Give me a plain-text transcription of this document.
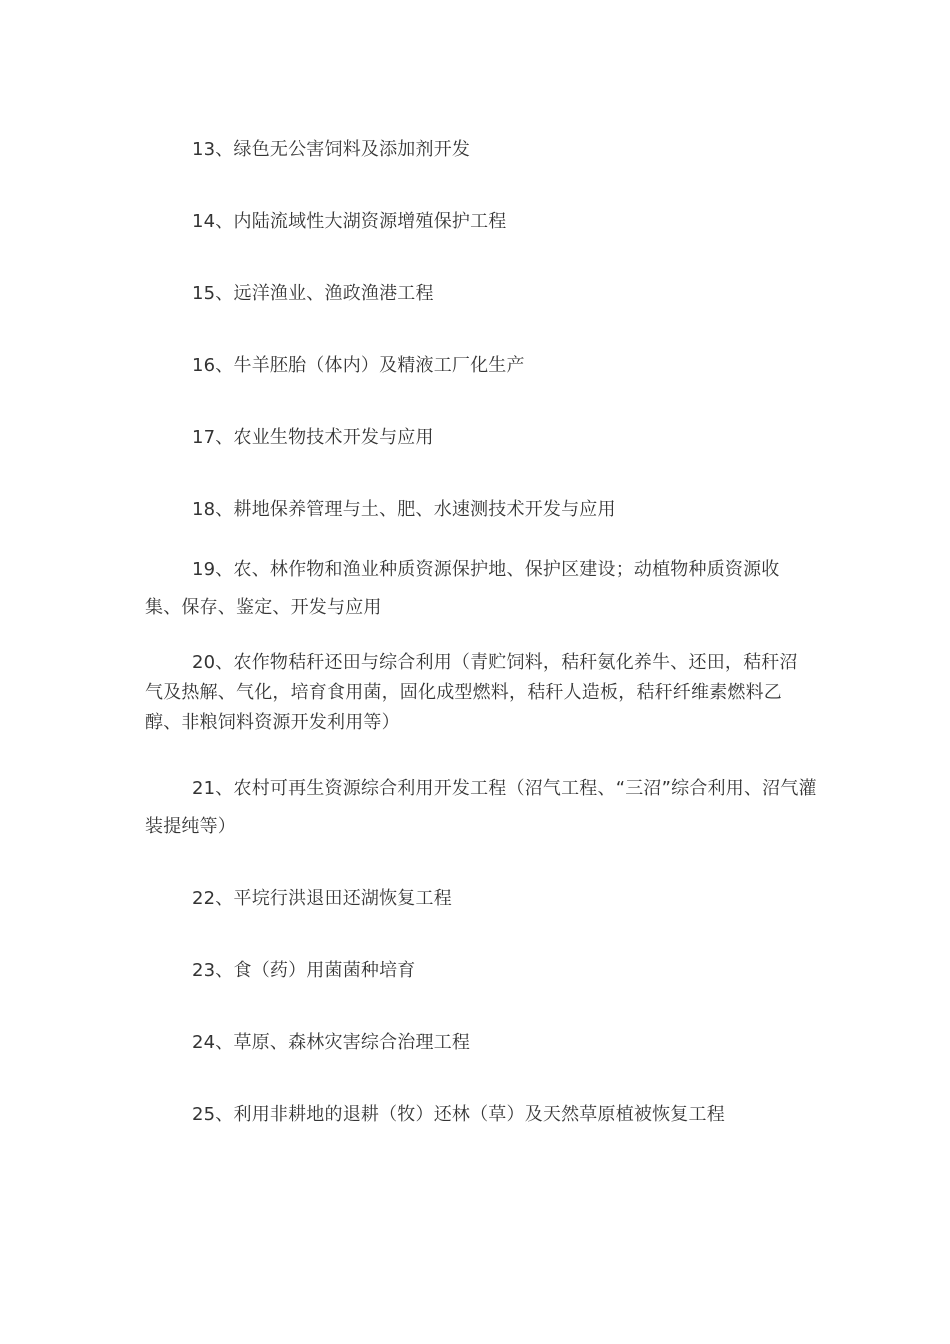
13、绿色无公害饲料及添加剂开发

14、内陆流域性大湖资源增殖保护工程

15、远洋渔业、渔政渔港工程

16、牛羊胚胎（体内）及精液工厂化生产

17、农业生物技术开发与应用

18、耕地保养管理与土、肥、水速测技术开发与应用

19、农、林作物和渔业种质资源保护地、保护区建设；动植物种质资源收集、保存、鉴定、开发与应用

20、农作物秸秆还田与综合利用（青贮饲料，秸秆氨化养牛、还田，秸秆沼气及热解、气化，培育食用菌，固化成型燃料，秸秆人造板，秸秆纤维素燃料乙醇、非粮饲料资源开发利用等）

21、农村可再生资源综合利用开发工程（沼气工程、“三沼”综合利用、沼气灌装提纯等）

22、平垸行洪退田还湖恢复工程

23、食（药）用菌菌种培育

24、草原、森林灾害综合治理工程

25、利用非耕地的退耕（牧）还林（草）及天然草原植被恢复工程
